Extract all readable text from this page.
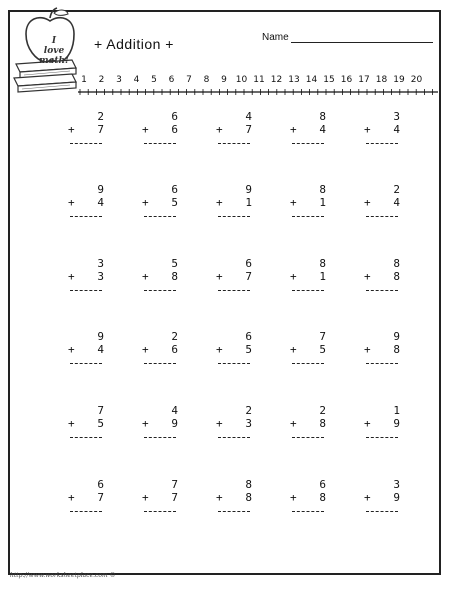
I
love
math!
+ Addition +	Name
1 2 3 4 5 6 7 8 9 10 11 12 13 14 15 16 17 18 19 20
2
+ 7
6
+ 6
4
+ 7
8
+ 4
3
+ 4
9
+ 4
6
+ 5
9
+ 1
8
+ 1
2
+ 4
3
+ 3
5
+ 8
6
+ 7
8
+ 1
8
+ 8
9
+ 4
2
+ 6
6
+ 5
7
+ 5
9
+ 8
7
+ 5
4
+ 9
2
+ 3
2
+ 8
1
+ 9
6
+ 7
7
+ 7
8
+ 8
6
+ 8
3
+ 9
http://www.worksheetplace.com ©
